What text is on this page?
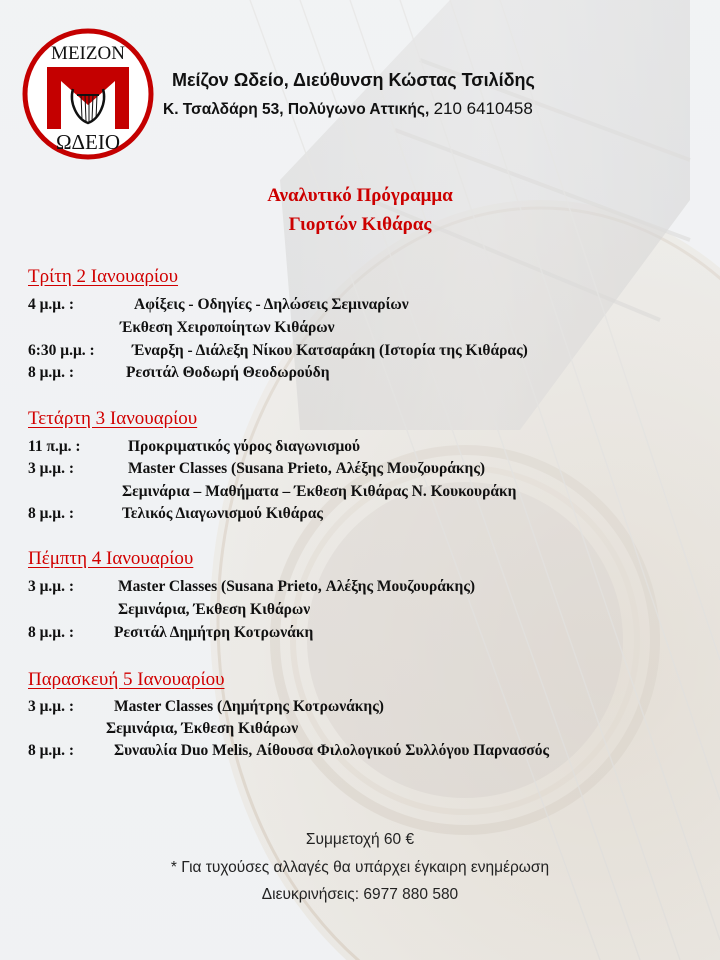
ΜΕΙΖΟΝ
ΩΔΕΙΟ
Μείζον Ωδείο, Διεύθυνση Κώστας Τσιλίδης
Κ. Τσαλδάρη 53, Πολύγωνο Αττικής, 210 6410458
Αναλυτικό Πρόγραμμα
Γιορτών Κιθάρας
Τρίτη 2 Ιανουαρίου
4 μ.μ. :	Αφίξεις - Οδηγίες - Δηλώσεις Σεμιναρίων
Έκθεση Χειροποίητων Κιθάρων
6:30 μ.μ. : Έναρξη - Διάλεξη Νίκου Κατσαράκη (Ιστορία της Κιθάρας)
8 μ.μ. :	Ρεσιτάλ Θοδωρή Θεοδωρούδη
Τετάρτη 3 Ιανουαρίου
11 π.μ. :	Προκριματικός γύρος διαγωνισμού
3 μ.μ. :	Master Classes (Susana Prieto, Αλέξης Μουζουράκης)
Σεμινάρια – Μαθήματα – Έκθεση Κιθάρας Ν. Κουκουράκη
8 μ.μ. :	Τελικός Διαγωνισμού Κιθάρας
Πέμπτη 4 Ιανουαρίου
3 μ.μ. :	Master Classes (Susana Prieto, Αλέξης Μουζουράκης)
Σεμινάρια, Έκθεση Κιθάρων
8 μ.μ. :	Ρεσιτάλ Δημήτρη Κοτρωνάκη
Παρασκευή 5 Ιανουαρίου
3 μ.μ. :	Master Classes (Δημήτρης Κοτρωνάκης)
Σεμινάρια, Έκθεση Κιθάρων
8 μ.μ. :	Συναυλία Duo Melis, Αίθουσα Φιλολογικού Συλλόγου Παρνασσός
Συμμετοχή 60 €
* Για τυχούσες αλλαγές θα υπάρχει έγκαιρη ενημέρωση
Διευκρινήσεις: 6977 880 580
